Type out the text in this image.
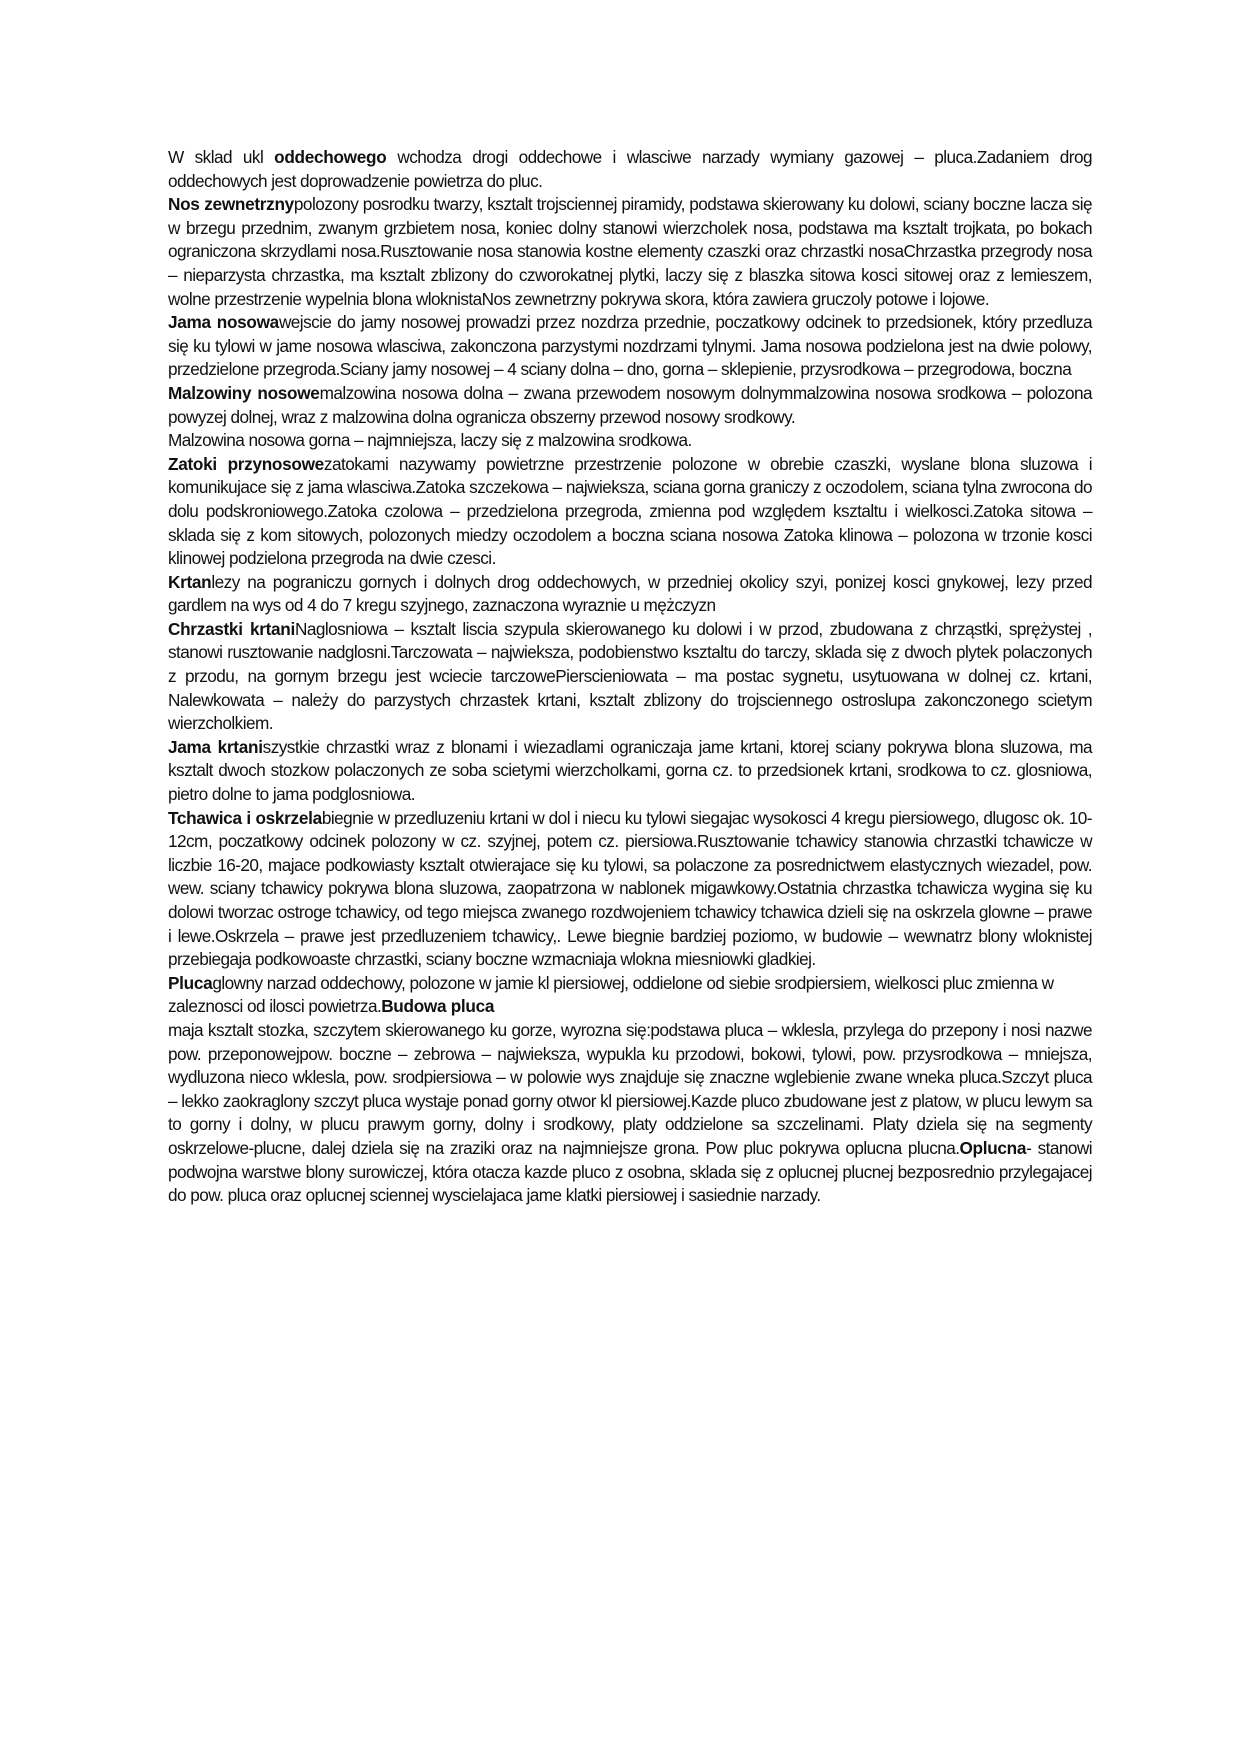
W sklad ukl oddechowego wchodza drogi oddechowe i wlasciwe narzady wymiany gazowej – pluca.Zadaniem drog oddechowych jest doprowadzenie powietrza do pluc.

Nos zewnetrznypolozony posrodku twarzy, ksztalt trojsciennej piramidy, podstawa skierowany ku dolowi, sciany boczne lacza się w brzegu przednim, zwanym grzbietem nosa, koniec dolny stanowi wierzcholek nosa, podstawa ma ksztalt trojkata, po bokach ograniczona skrzydlami nosa.Rusztowanie nosa stanowia kostne elementy czaszki oraz chrzastki nosaChrzastka przegrody nosa – nieparzysta chrzastka, ma ksztalt zblizony do czworokatnej plytki, laczy się z blaszka sitowa kosci sitowej oraz z lemieszem, wolne przestrzenie wypelnia blona wloknistaNos zewnetrzny pokrywa skora, która zawiera gruczoly potowe i lojowe.

Jama nosowawejscie do jamy nosowej prowadzi przez nozdrza przednie, poczatkowy odcinek to przedsionek, który przedluza się ku tylowi w jame nosowa wlasciwa, zakonczona parzystymi nozdrzami tylnymi. Jama nosowa podzielona jest na dwie polowy, przedzielone przegroda.Sciany jamy nosowej – 4 sciany dolna – dno, gorna – sklepienie, przysrodkowa – przegrodowa, boczna

Malzowiny nosowemalzowina nosowa dolna – zwana przewodem nosowym dolnymmalzowina nosowa srodkowa – polozona powyzej dolnej, wraz z malzowina dolna ogranicza obszerny przewod nosowy srodkowy.

Malzowina nosowa gorna – najmniejsza, laczy się z malzowina srodkowa.

Zatoki przynosowezatokami nazywamy powietrzne przestrzenie polozone w obrebie czaszki, wyslane blona sluzowa i komunikujace się z jama wlasciwa.Zatoka szczekowa – najwieksza, sciana gorna graniczy z oczodolem, sciana tylna zwrocona do dolu podskroniowego.Zatoka czolowa – przedzielona przegroda, zmienna pod względem ksztaltu i wielkosci.Zatoka sitowa – sklada się z kom sitowych, polozonych miedzy oczodolem a boczna sciana nosowa Zatoka klinowa – polozona w trzonie kosci klinowej podzielona przegroda na dwie czesci.

Krtanlezy na pograniczu gornych i dolnych drog oddechowych, w przedniej okolicy szyi, ponizej kosci gnykowej, lezy przed gardlem na wys od 4 do 7 kregu szyjnego, zaznaczona wyraznie u mężczyzn

Chrzastki krtaniNaglosniowa – ksztalt liscia szypula skierowanego ku dolowi i w przod, zbudowana z chrząstki, sprężystej , stanowi rusztowanie nadglosni.Tarczowata – najwieksza, podobienstwo ksztaltu do tarczy, sklada się z dwoch plytek polaczonych z przodu, na gornym brzegu jest wciecie tarczowePierscieniowata – ma postac sygnetu, usytuowana w dolnej cz. krtani, Nalewkowata – należy do parzystych chrzastek krtani, ksztalt zblizony do trojsciennego ostroslupa zakonczonego scietym wierzcholkiem.

Jama krtaniszystkie chrzastki wraz z blonami i wiezadlami ograniczaja jame krtani, ktorej sciany pokrywa blona sluzowa, ma ksztalt dwoch stozkow polaczonych ze soba scietymi wierzcholkami, gorna cz. to przedsionek krtani, srodkowa to cz. glosniowa, pietro dolne to jama podglosniowa.

Tchawica i oskrzelabiegnie w przedluzeniu krtani w dol i niecu ku tylowi siegajac wysokosci 4 kregu piersiowego, dlugosc ok. 10-12cm, poczatkowy odcinek polozony w cz. szyjnej, potem cz. piersiowa.Rusztowanie tchawicy stanowia chrzastki tchawicze w liczbie 16-20, majace podkowiasty ksztalt otwierajace się ku tylowi, sa polaczone za posrednictwem elastycznych wiezadel, pow. wew. sciany tchawicy pokrywa blona sluzowa, zaopatrzona w nablonek migawkowy.Ostatnia chrzastka tchawicza wygina się ku dolowi tworzac ostroge tchawicy, od tego miejsca zwanego rozdwojeniem tchawicy tchawica dzieli się na oskrzela glowne – prawe i lewe.Oskrzela – prawe jest przedluzeniem tchawicy,. Lewe biegnie bardziej poziomo, w budowie – wewnatrz blony wloknistej przebiegaja podkowoaste chrzastki, sciany boczne wzmacniaja wlokna miesniowki gladkiej.

Plucaglowny narzad oddechowy, polozone w jamie kl piersiowej, oddielone od siebie srodpiersiem, wielkosci pluc zmienna w zaleznosci od ilosci powietrza.Budowa pluca

maja ksztalt stozka, szczytem skierowanego ku gorze, wyrozna się:podstawa pluca – wklesla, przylega do przepony i nosi nazwe pow. przeponowejpow. boczne – zebrowa – najwieksza, wypukla ku przodowi, bokowi, tylowi, pow. przysrodkowa – mniejsza, wydluzona nieco wklesla, pow. srodpiersiowa – w polowie wys znajduje się znaczne wglebienie zwane wneka pluca.Szczyt pluca – lekko zaokraglony szczyt pluca wystaje ponad gorny otwor kl piersiowej.Kazde pluco zbudowane jest z platow, w plucu lewym sa to gorny i dolny, w plucu prawym gorny, dolny i srodkowy, platy oddzielone sa szczelinami. Platy dziela się na segmenty oskrzelowe-plucne, dalej dziela się na zraziki oraz na najmniejsze grona. Pow pluc pokrywa oplucna plucna.Oplucna- stanowi podwojna warstwe blony surowiczej, która otacza kazde pluco z osobna, sklada się z oplucnej plucnej bezposrednio przylegajacej do pow. pluca oraz oplucnej sciennej wyscielajaca jame klatki piersiowej i sasiednie narzady.
